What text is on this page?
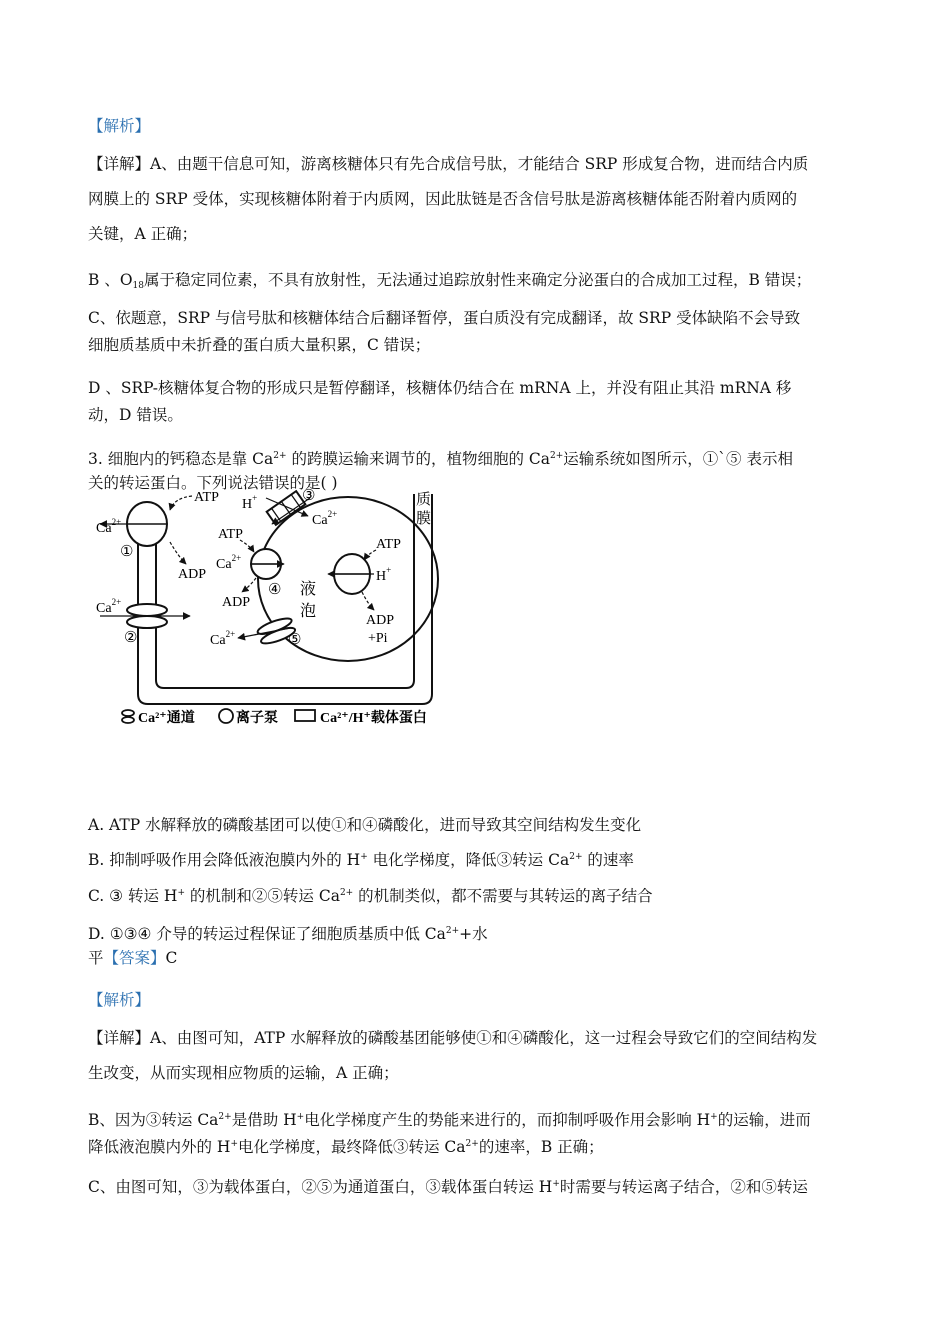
【解析】
【详解】A、由题干信息可知，游离核糖体只有先合成信号肽，才能结合 SRP 形成复合物，进而结合内质
网膜上的 SRP 受体，实现核糖体附着于内质网，因此肽链是否含信号肽是游离核糖体能否附着内质网的
关键，A 正确；
B 、$O_{18}$属于稳定同位素，不具有放射性，无法通过追踪放射性来确定分泌蛋白的合成加工过程，B 错误；
C、依题意，SRP 与信号肽和核糖体结合后翻译暂停，蛋白质没有完成翻译，故 SRP 受体缺陷不会导致
细胞质基质中未折叠的蛋白质大量积累，C 错误；
D 、SRP-核糖体复合物的形成只是暂停翻译，核糖体仍结合在 mRNA 上，并没有阻止其沿 mRNA 移
动，D 错误。
3. 细胞内的钙稳态是靠 $Ca^{2+}$ 的跨膜运输来调节的，植物细胞的 $Ca^{2+}$运输系统如图所示，①`⑤ 表示相
关的转运蛋白。下列说法错误的是( )
质膜
$Ca^{2+}$
①
ATP
ADP
$Ca^{2+}$
②
H+	③
$Ca^{2+}$
ATP
$Ca^{2+}$
ADP
④ 液
泡
ATP
H+
ADP
+Pi
$Ca^{2+}$	⑤
Ca²⁺通道	离子泵	Ca²⁺/H⁺载体蛋白
A. ATP 水解释放的磷酸基团可以使①和④磷酸化，进而导致其空间结构发生变化
B. 抑制呼吸作用会降低液泡膜内外的 H+ 电化学梯度，降低③转运 $Ca^{2+}$ 的速率
C. ③ 转运 H+ 的机制和②⑤转运 $Ca^{2+}$ 的机制类似，都不需要与其转运的离子结合
D. ①③④ 介导的转运过程保证了细胞质基质中低 $Ca^{2+}+$水
平【答案】C
【解析】
【详解】A、由图可知，ATP 水解释放的磷酸基团能够使①和④磷酸化，这一过程会导致它们的空间结构发
生改变，从而实现相应物质的运输，A 正确；
B、因为③转运 $Ca^{2+}$是借助 H+电化学梯度产生的势能来进行的，而抑制呼吸作用会影响 H+的运输，进而
降低液泡膜内外的 H+电化学梯度，最终降低③转运 $Ca^{2+}$的速率，B 正确；
C、由图可知，③为载体蛋白，②⑤为通道蛋白，③载体蛋白转运 H+时需要与转运离子结合，②和⑤转运
